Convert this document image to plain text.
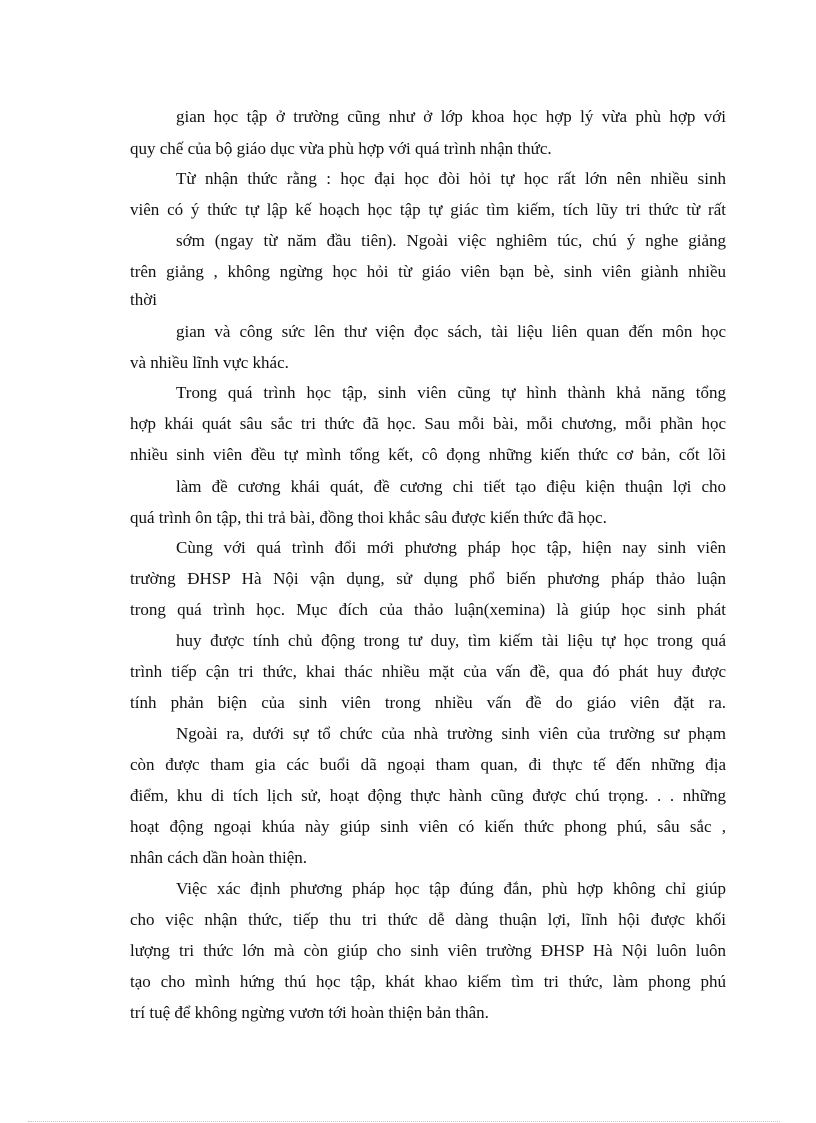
gian học tập ở trường cũng như ở lớp khoa học hợp lý vừa phù hợp với
quy chế của bộ giáo dục vừa phù hợp với quá trình nhận thức.
Từ nhận thức rằng : học đại học đòi hỏi tự học rất lớn nên nhiều sinh
viên có ý thức tự lập kế hoạch học tập tự giác tìm kiếm, tích lũy tri thức từ rất
sớm (ngay từ năm đầu tiên). Ngoài việc nghiêm túc, chú ý nghe giảng
trên giảng , không ngừng học hỏi từ giáo viên bạn bè, sinh viên giành nhiều
thời
gian và công sức lên thư viện đọc sách, tài liệu liên quan đến môn học
và nhiều lĩnh vực khác.
Trong quá trình học tập, sinh viên cũng tự hình thành khả năng tổng
hợp khái quát sâu sắc tri thức đã học. Sau mỗi bài, mỗi chương, mỗi phần học
nhiều sinh viên đều tự mình tổng kết, cô đọng những kiến thức cơ bản, cốt lõi
làm đề cương khái quát, đề cương chi tiết tạo điệu kiện thuận lợi cho
quá trình ôn tập, thi trả bài, đồng thoi khắc sâu được kiến thức đã học.
Cùng với quá trình đổi mới phương pháp học tập, hiện nay sinh viên
trường ĐHSP Hà Nội vận dụng, sử dụng phổ biến phương pháp thảo luận
trong quá trình học. Mục đích của thảo luận(xemina) là giúp học sinh phát
huy được tính chủ động trong tư duy, tìm kiếm tài liệu tự học trong quá
trình tiếp cận tri thức, khai thác nhiều mặt của vấn đề, qua đó phát huy được
tính phản biện của sinh viên trong nhiều vấn đề do giáo viên đặt ra.
Ngoài ra, dưới sự tổ chức của nhà trường sinh viên của trường sư phạm
còn được tham gia các buổi dã ngoại tham quan, đi thực tế đến những địa
điểm, khu di tích lịch sử, hoạt động thực hành cũng được chú trọng. . . những
hoạt động ngoại khúa này giúp sinh viên có kiến thức phong phú, sâu sắc ,
nhân cách dần hoàn thiện.
Việc xác định phương pháp học tập đúng đắn, phù hợp không chỉ giúp
cho việc nhận thức, tiếp thu tri thức dễ dàng thuận lợi, lĩnh hội được khối
lượng tri thức lớn mà còn giúp cho sinh viên trường ĐHSP Hà Nội luôn luôn
tạo cho mình hứng thú học tập, khát khao kiếm tìm tri thức, làm phong phú
trí tuệ để không ngừng vươn tới hoàn thiện bản thân.
